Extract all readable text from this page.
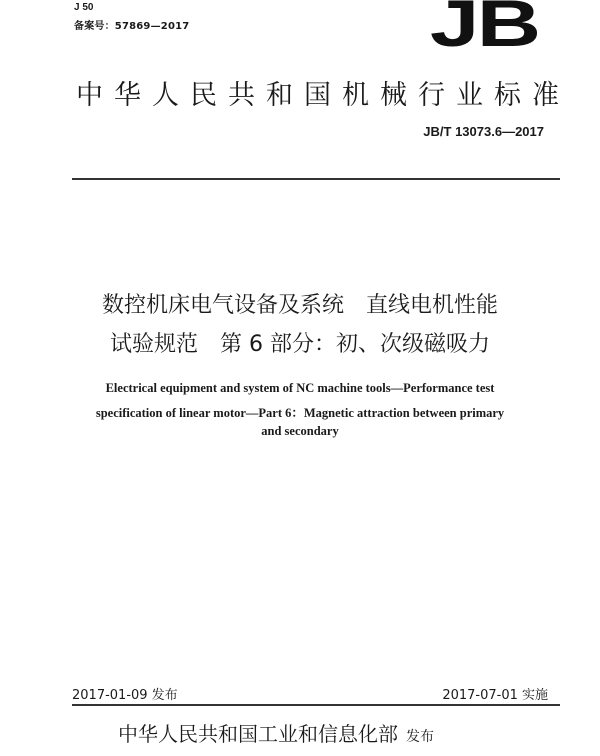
J 50
备案号：57869—2017	JB
中华人民共和国机械行业标准
JB/T 13073.6—2017
数控机床电气设备及系统　直线电机性能
试验规范　第 6 部分：初、次级磁吸力
Electrical equipment and system of NC machine tools—Performance test
specification of linear motor—Part 6：Magnetic attraction between primary
and secondary
2017-01-09 发布	2017-07-01 实施
中华人民共和国工业和信息化部 发布
